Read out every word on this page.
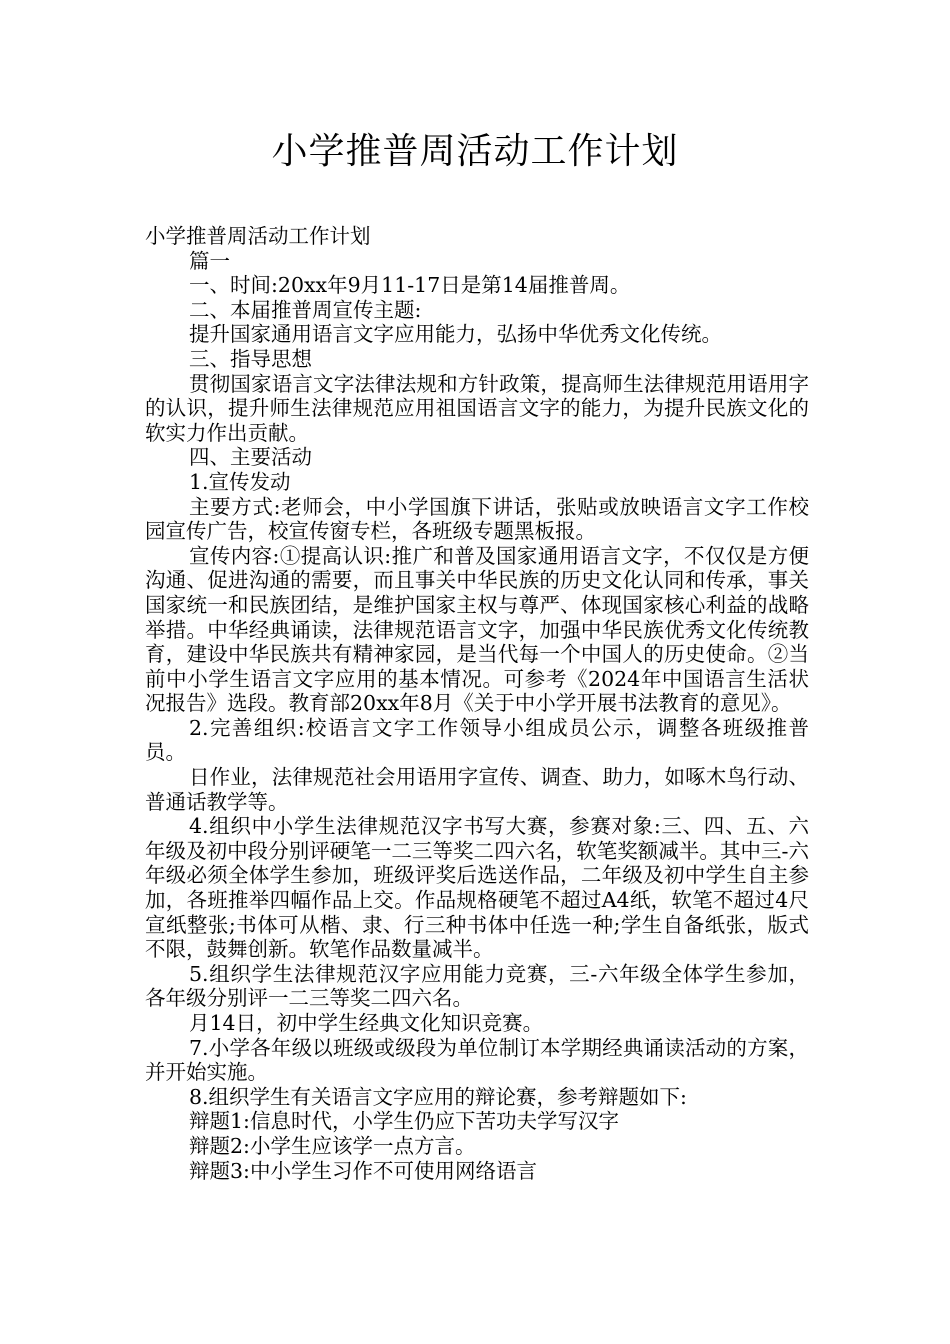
小学推普周活动工作计划

小学推普周活动工作计划

篇一

一、时间:20xx年9月11-17日是第14届推普周。

二、本届推普周宣传主题:

提升国家通用语言文字应用能力，弘扬中华优秀文化传统。

三、指导思想

贯彻国家语言文字法律法规和方针政策，提高师生法律规范用语用字的认识，提升师生法律规范应用祖国语言文字的能力，为提升民族文化的软实力作出贡献。

四、主要活动

1.宣传发动

主要方式:老师会，中小学国旗下讲话，张贴或放映语言文字工作校园宣传广告，校宣传窗专栏，各班级专题黑板报。

宣传内容:①提高认识:推广和普及国家通用语言文字，不仅仅是方便沟通、促进沟通的需要，而且事关中华民族的历史文化认同和传承，事关国家统一和民族团结，是维护国家主权与尊严、体现国家核心利益的战略举措。中华经典诵读，法律规范语言文字，加强中华民族优秀文化传统教育，建设中华民族共有精神家园，是当代每一个中国人的历史使命。②当前中小学生语言文字应用的基本情况。可参考《2024年中国语言生活状况报告》选段。教育部20xx年8月《关于中小学开展书法教育的意见》。

2.完善组织:校语言文字工作领导小组成员公示，调整各班级推普员。

日作业，法律规范社会用语用字宣传、调查、助力，如啄木鸟行动、普通话教学等。

4.组织中小学生法律规范汉字书写大赛，参赛对象:三、四、五、六年级及初中段分别评硬笔一二三等奖二四六名，软笔奖额减半。其中三-六年级必须全体学生参加，班级评奖后选送作品，二年级及初中学生自主参加，各班推举四幅作品上交。作品规格硬笔不超过A4纸，软笔不超过4尺宣纸整张;书体可从楷、隶、行三种书体中任选一种;学生自备纸张，版式不限，鼓舞创新。软笔作品数量减半。

5.组织学生法律规范汉字应用能力竞赛，三-六年级全体学生参加，各年级分别评一二三等奖二四六名。

月14日，初中学生经典文化知识竞赛。

7.小学各年级以班级或级段为单位制订本学期经典诵读活动的方案，并开始实施。

8.组织学生有关语言文字应用的辩论赛，参考辩题如下:

辩题1:信息时代，小学生仍应下苦功夫学写汉字

辩题2:小学生应该学一点方言。

辩题3:中小学生习作不可使用网络语言
